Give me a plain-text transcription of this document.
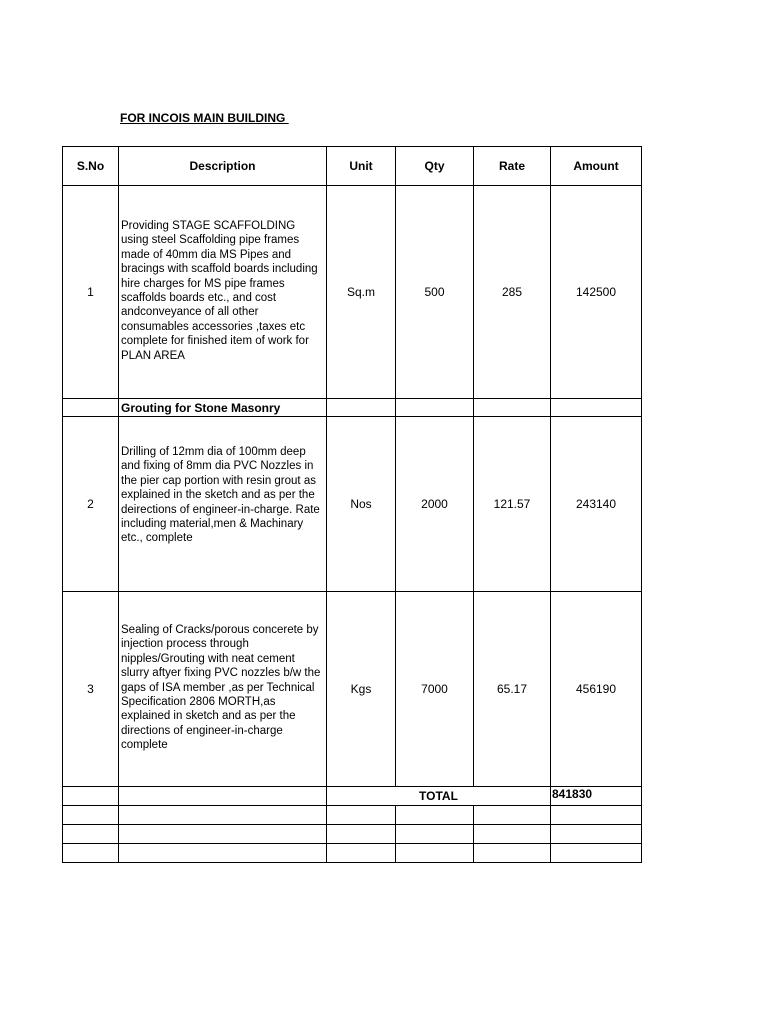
FOR INCOIS MAIN BUILDING
S.No	Description	Unit	Qty	Rate	Amount
1	Providing STAGE SCAFFOLDING using steel Scaffolding pipe frames made of 40mm dia MS Pipes and bracings with scaffold boards including hire charges for MS pipe frames scaffolds boards etc., and cost andconveyance of all other consumables accessories ,taxes etc complete for finished item of work for PLAN AREA	Sq.m	500	285	142500
	Grouting for Stone Masonry				
2	Drilling of 12mm dia of 100mm deep and fixing of 8mm dia PVC Nozzles in the pier cap portion with resin grout as explained in the sketch and as per the deirections of engineer-in-charge. Rate including material,men & Machinary etc., complete	Nos	2000	121.57	243140
3	Sealing of Cracks/porous concerete by injection process through nipples/Grouting with neat cement slurry aftyer fixing PVC nozzles b/w the gaps of ISA member ,as per Technical Specification 2806 MORTH,as explained in sketch and as per the directions of engineer-in-charge complete	Kgs	7000	65.17	456190
		TOTAL			841830
